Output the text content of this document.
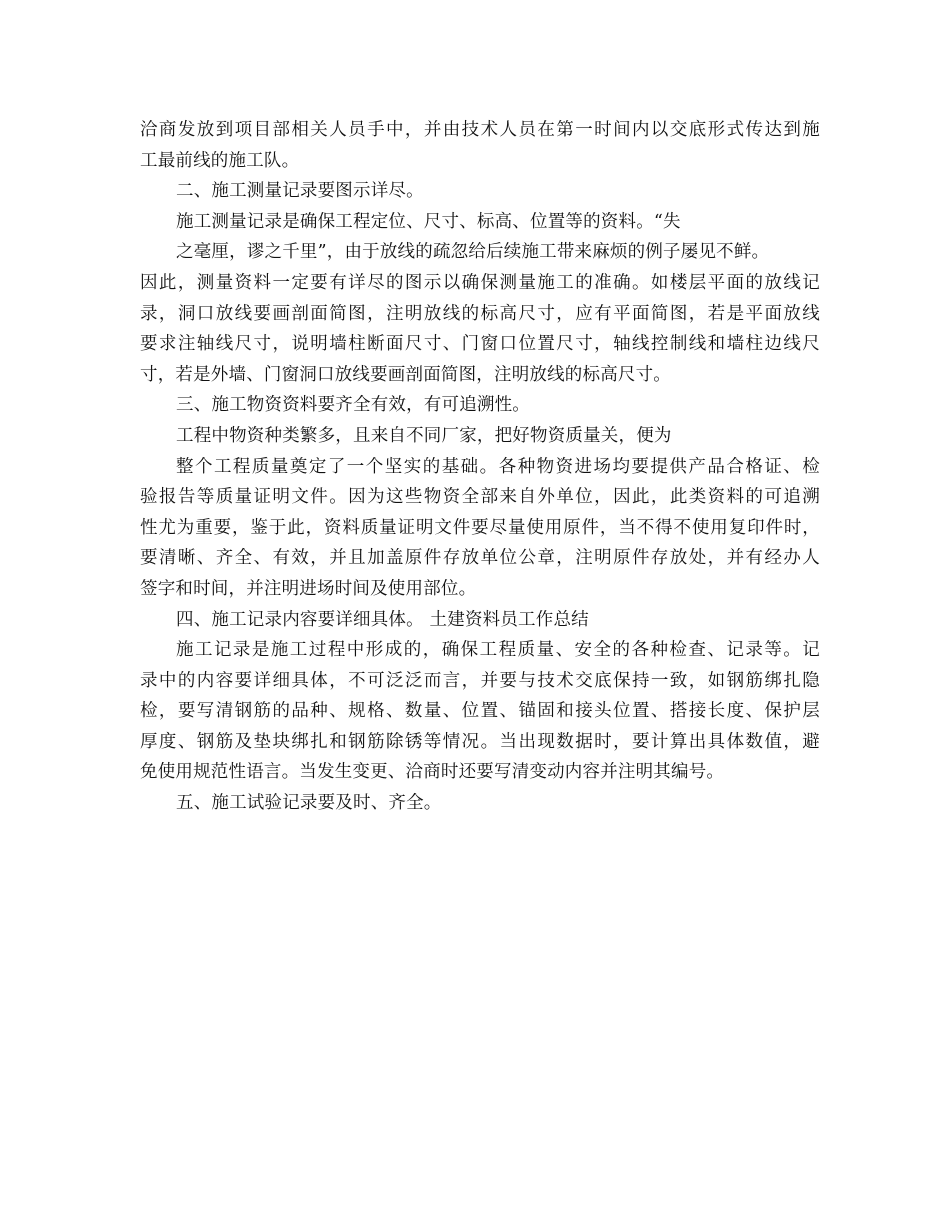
洽商发放到项目部相关人员手中，并由技术人员在第一时间内以交底形式传达到施
工最前线的施工队。
二、施工测量记录要图示详尽。
施工测量记录是确保工程定位、尺寸、标高、位置等的资料。“失
之毫厘，谬之千里”，由于放线的疏忽给后续施工带来麻烦的例子屡见不鲜。
因此，测量资料一定要有详尽的图示以确保测量施工的准确。如楼层平面的放线记
录，洞口放线要画剖面简图，注明放线的标高尺寸，应有平面简图，若是平面放线
要求注轴线尺寸，说明墙柱断面尺寸、门窗口位置尺寸，轴线控制线和墙柱边线尺
寸，若是外墙、门窗洞口放线要画剖面简图，注明放线的标高尺寸。
三、施工物资资料要齐全有效，有可追溯性。
工程中物资种类繁多，且来自不同厂家，把好物资质量关，便为
整个工程质量奠定了一个坚实的基础。各种物资进场均要提供产品合格证、检
验报告等质量证明文件。因为这些物资全部来自外单位，因此，此类资料的可追溯
性尤为重要，鉴于此，资料质量证明文件要尽量使用原件，当不得不使用复印件时，
要清晰、齐全、有效，并且加盖原件存放单位公章，注明原件存放处，并有经办人
签字和时间，并注明进场时间及使用部位。
四、施工记录内容要详细具体。 土建资料员工作总结
施工记录是施工过程中形成的，确保工程质量、安全的各种检查、记录等。记
录中的内容要详细具体，不可泛泛而言，并要与技术交底保持一致，如钢筋绑扎隐
检，要写清钢筋的品种、规格、数量、位置、锚固和接头位置、搭接长度、保护层
厚度、钢筋及垫块绑扎和钢筋除锈等情况。当出现数据时，要计算出具体数值，避
免使用规范性语言。当发生变更、洽商时还要写清变动内容并注明其编号。
五、施工试验记录要及时、齐全。
